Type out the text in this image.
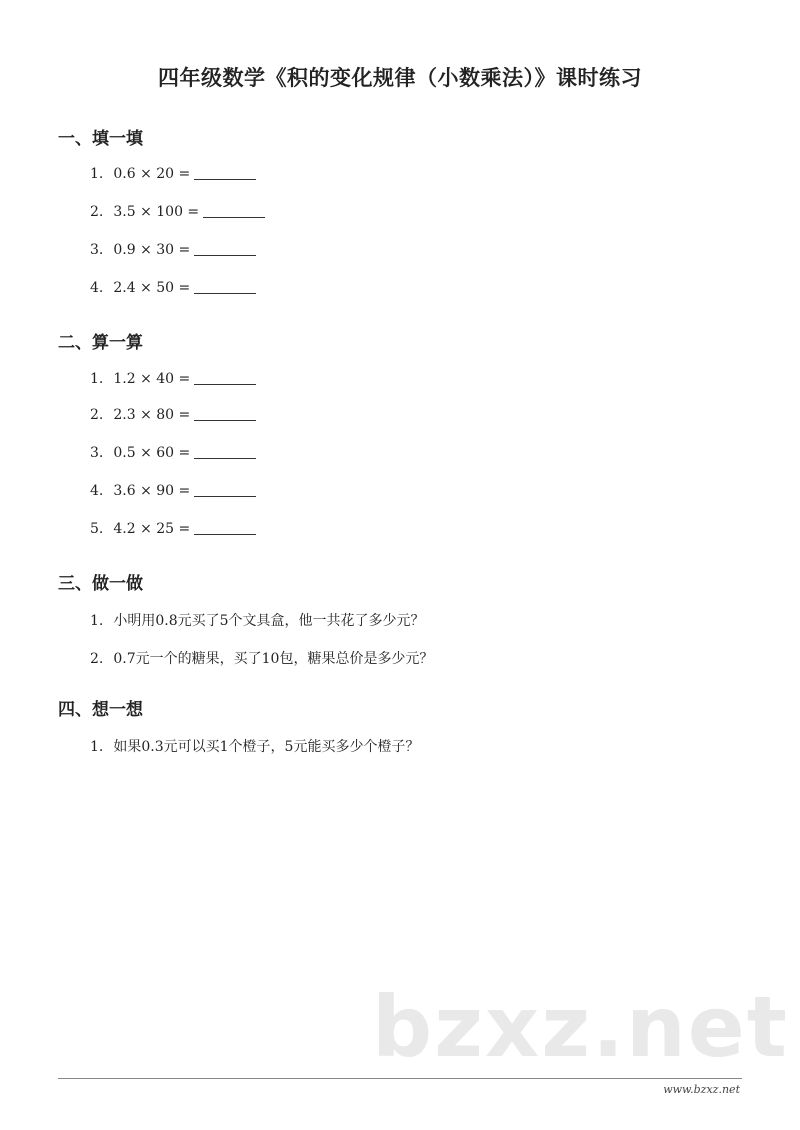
四年级数学《积的变化规律（小数乘法）》课时练习
一、填一填
1. 0.6 × 20 =
2. 3.5 × 100 =
3. 0.9 × 30 =
4. 2.4 × 50 =
二、算一算
1. 1.2 × 40 =
2. 2.3 × 80 =
3. 0.5 × 60 =
4. 3.6 × 90 =
5. 4.2 × 25 =
三、做一做
1. 小明用0.8元买了5个文具盒，他一共花了多少元？
2. 0.7元一个的糖果，买了10包，糖果总价是多少元？
四、想一想
1. 如果0.3元可以买1个橙子，5元能买多少个橙子？
bzxz.net
www.bzxz.net
